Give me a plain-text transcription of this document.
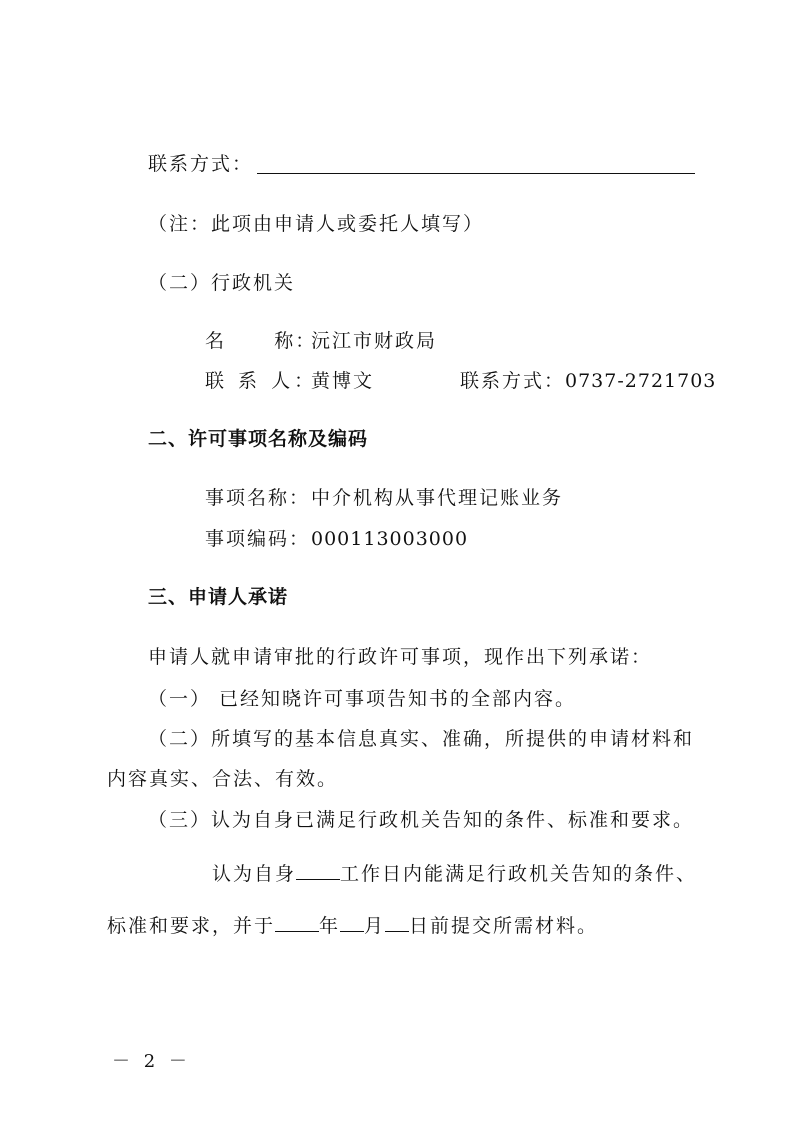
联系方式：
（注：此项由申请人或委托人填写）
（二）行政机关
名      称：
沅江市财政局
联 系 人：
黄博文	联系方式： 0737-2721703
二、许可事项名称及编码
事项名称： 中介机构从事代理记账业务
事项编码： 000113003000
三、申请人承诺
申请人就申请审批的行政许可事项，现作出下列承诺：
（一） 已经知晓许可事项告知书的全部内容。
（二）所填写的基本信息真实、准确，所提供的申请材料和
内容真实、合法、有效。
（三）认为自身已满足行政机关告知的条件、标准和要求。
认为自身 工作日内能满足行政机关告知的条件、
标准和要求，并于 年 月 日前提交所需材料。
－ 2 －
